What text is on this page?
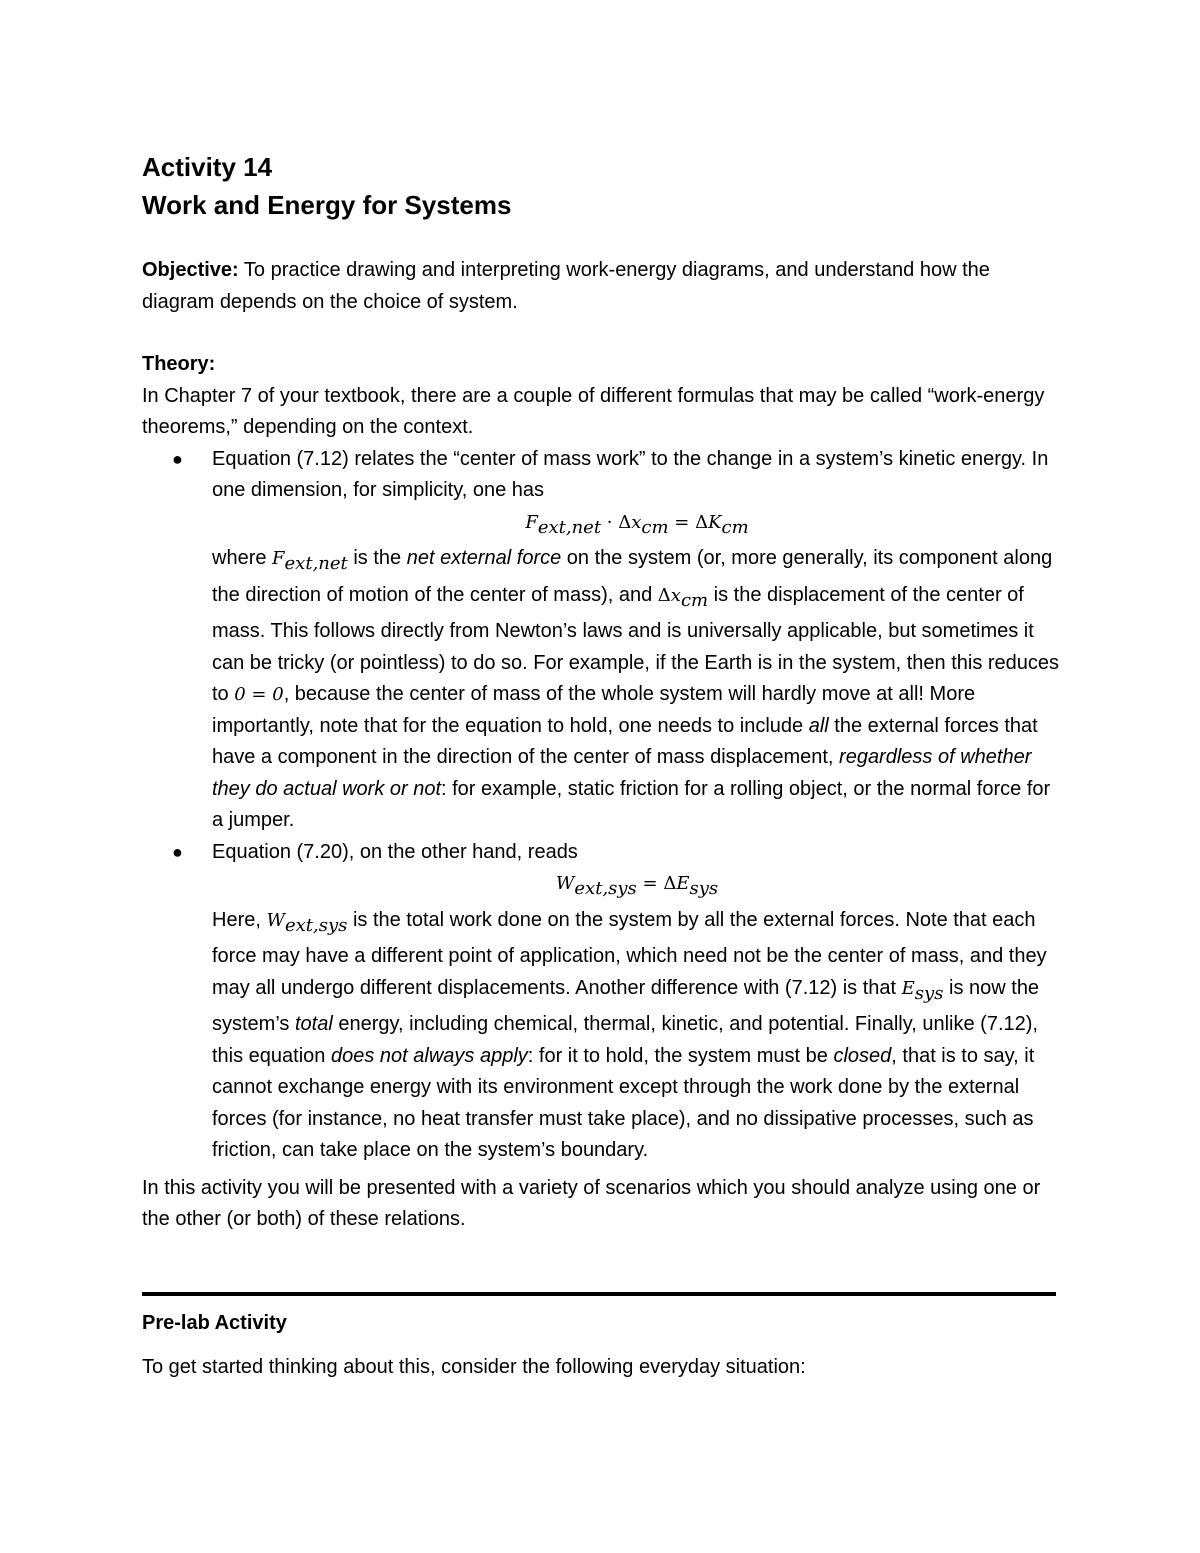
Activity 14
Work and Energy for Systems

Objective: To practice drawing and interpreting work-energy diagrams, and understand how the diagram depends on the choice of system.

Theory:

In Chapter 7 of your textbook, there are a couple of different formulas that may be called “work-energy theorems,” depending on the context.

● Equation (7.12) relates the “center of mass work” to the change in a system’s kinetic energy. In one dimension, for simplicity, one has
$F_{ext,net} \cdot \Delta x_{cm} = \Delta K_{cm}$
where $F_{ext,net}$ is the net external force on the system (or, more generally, its component along the direction of motion of the center of mass), and $\Delta x_{cm}$ is the displacement of the center of mass. This follows directly from Newton’s laws and is universally applicable, but sometimes it can be tricky (or pointless) to do so. For example, if the Earth is in the system, then this reduces to 0 = 0, because the center of mass of the whole system will hardly move at all! More importantly, note that for the equation to hold, one needs to include all the external forces that have a component in the direction of the center of mass displacement, regardless of whether they do actual work or not: for example, static friction for a rolling object, or the normal force for a jumper.
● Equation (7.20), on the other hand, reads
$W_{ext,sys} = \Delta E_{sys}$
Here, $W_{ext,sys}$ is the total work done on the system by all the external forces. Note that each force may have a different point of application, which need not be the center of mass, and they may all undergo different displacements. Another difference with (7.12) is that $E_{sys}$ is now the system’s total energy, including chemical, thermal, kinetic, and potential. Finally, unlike (7.12), this equation does not always apply: for it to hold, the system must be closed, that is to say, it cannot exchange energy with its environment except through the work done by the external forces (for instance, no heat transfer must take place), and no dissipative processes, such as friction, can take place on the system’s boundary.

In this activity you will be presented with a variety of scenarios which you should analyze using one or the other (or both) of these relations.

Pre-lab Activity

To get started thinking about this, consider the following everyday situation:
